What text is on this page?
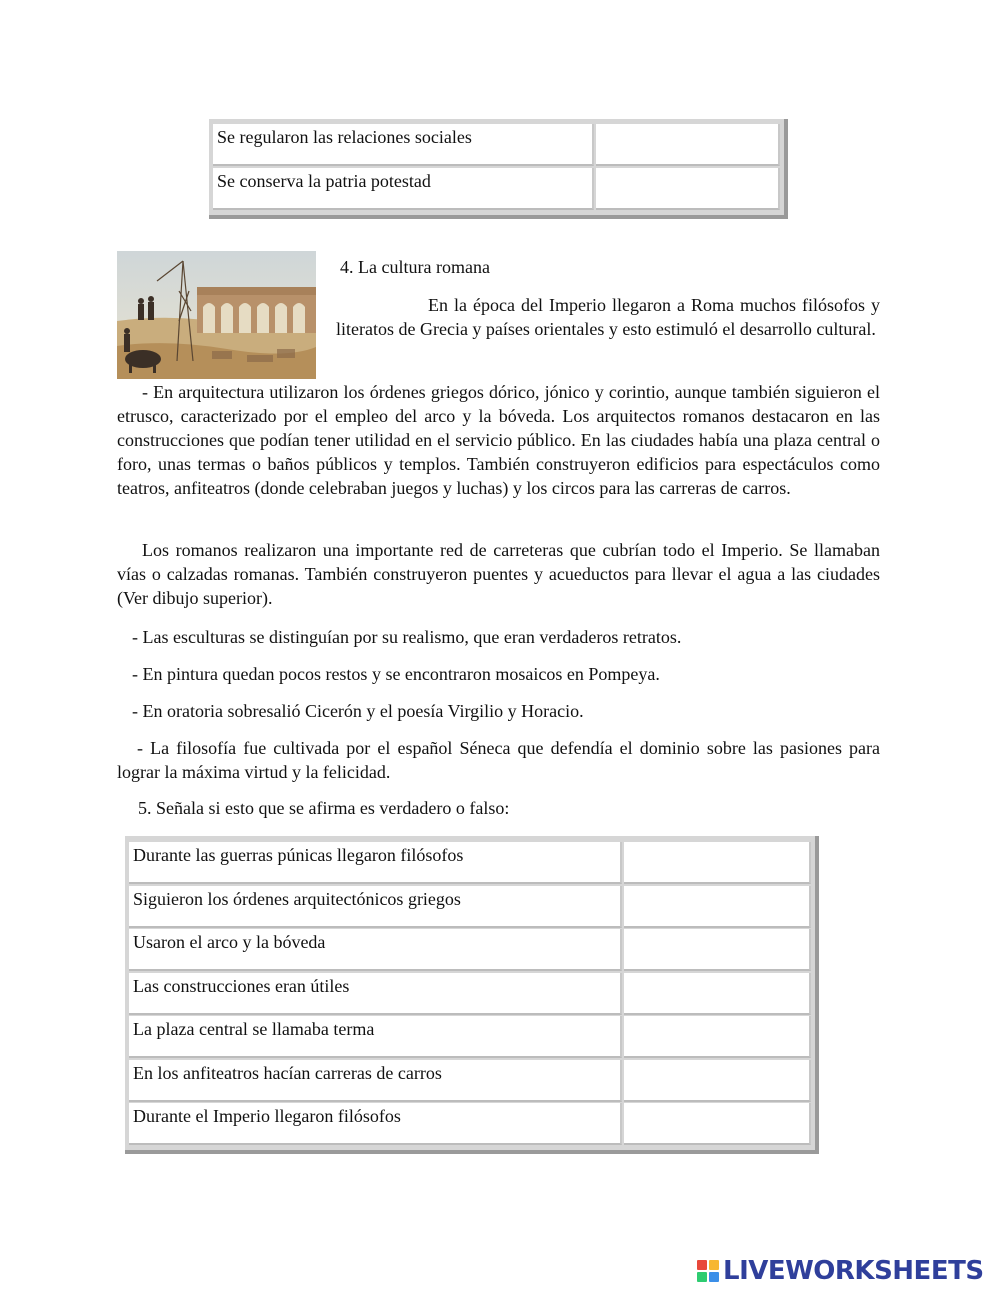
Se regularon las relaciones sociales
Se conserva la patria potestad
4. La cultura romana

En la época del Imperio llegaron a Roma muchos filósofos y literatos de Grecia y países orientales y esto estimuló el desarrollo cultural.

- En arquitectura utilizaron los órdenes griegos dórico, jónico y corintio, aunque también siguieron el etrusco, caracterizado por el empleo del arco y la bóveda. Los arquitectos romanos destacaron en las construcciones que podían tener utilidad en el servicio público. En las ciudades había una plaza central o foro, unas termas o baños públicos y templos. También construyeron edificios para espectáculos como teatros, anfiteatros (donde celebraban juegos y luchas) y los circos para las carreras de carros.

Los romanos realizaron una importante red de carreteras que cubrían todo el Imperio. Se llamaban vías o calzadas romanas. También construyeron puentes y acueductos para llevar el agua a las ciudades (Ver dibujo superior).

- Las esculturas se distinguían por su realismo, que eran verdaderos retratos.

- En pintura quedan pocos restos y se encontraron mosaicos en Pompeya.

- En oratoria sobresalió Cicerón y el poesía Virgilio y Horacio.

- La filosofía fue cultivada por el español Séneca que defendía el dominio sobre las pasiones para lograr la máxima virtud y la felicidad.

5. Señala si esto que se afirma es verdadero o falso:
Durante las guerras púnicas llegaron filósofos
Siguieron los órdenes arquitectónicos griegos
Usaron el arco y la bóveda
Las construcciones eran útiles
La plaza central se llamaba terma
En los anfiteatros hacían carreras de carros
Durante el Imperio llegaron filósofos
LIVEWORKSHEETS
